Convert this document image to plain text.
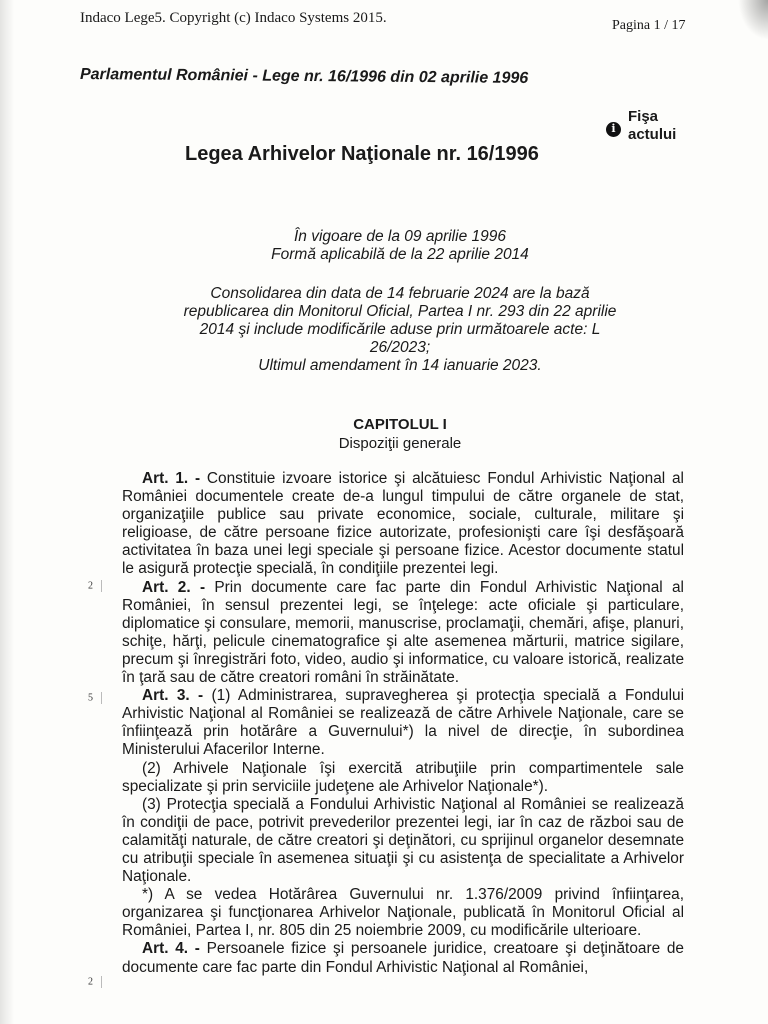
Indaco Lege5. Copyright (c) Indaco Systems 2015.	Pagina 1 / 17
Parlamentul României - Lege nr. 16/1996 din 02 aprilie 1996
i
Fişa
actului
Legea Arhivelor Naţionale nr. 16/1996
În vigoare de la 09 aprilie 1996
Formă aplicabilă de la 22 aprilie 2014
Consolidarea din data de 14 februarie 2024 are la bază
republicarea din Monitorul Oficial, Partea I nr. 293 din 22 aprilie
2014 şi include modificările aduse prin următoarele acte: L
26/2023;
Ultimul amendament în 14 ianuarie 2023.
CAPITOLUL I
Dispoziţii generale
2
5
2

Art. 1. - Constituie izvoare istorice şi alcătuiesc Fondul Arhivistic Naţional al României documentele create de-a lungul timpului de către organele de stat, organizaţiile publice sau private economice, sociale, culturale, militare şi religioase, de către persoane fizice autorizate, profesionişti care îşi desfăşoară activitatea în baza unei legi speciale şi persoane fizice. Acestor documente statul le asigură protecţie specială, în condiţiile prezentei legi.

Art. 2. - Prin documente care fac parte din Fondul Arhivistic Naţional al României, în sensul prezentei legi, se înţelege: acte oficiale şi particulare, diplomatice şi consulare, memorii, manuscrise, proclamaţii, chemări, afişe, planuri, schiţe, hărţi, pelicule cinematografice şi alte asemenea mărturii, matrice sigilare, precum şi înregistrări foto, video, audio şi informatice, cu valoare istorică, realizate în ţară sau de către creatori români în străinătate.

Art. 3. - (1) Administrarea, supravegherea şi protecţia specială a Fondului Arhivistic Naţional al României se realizează de către Arhivele Naţionale, care se înfiinţează prin hotărâre a Guvernului*) la nivel de direcţie, în subordinea Ministerului Afacerilor Interne.

(2) Arhivele Naţionale îşi exercită atribuţiile prin compartimentele sale specializate şi prin serviciile judeţene ale Arhivelor Naţionale*).

(3) Protecţia specială a Fondului Arhivistic Naţional al României se realizează în condiţii de pace, potrivit prevederilor prezentei legi, iar în caz de război sau de calamităţi naturale, de către creatori şi deţinători, cu sprijinul organelor desemnate cu atribuţii speciale în asemenea situaţii şi cu asistenţa de specialitate a Arhivelor Naţionale.

*) A se vedea Hotărârea Guvernului nr. 1.376/2009 privind înfiinţarea, organizarea şi funcţionarea Arhivelor Naţionale, publicată în Monitorul Oficial al României, Partea I, nr. 805 din 25 noiembrie 2009, cu modificările ulterioare.

Art. 4. - Persoanele fizice şi persoanele juridice, creatoare şi deţinătoare de documente care fac parte din Fondul Arhivistic Naţional al României,
